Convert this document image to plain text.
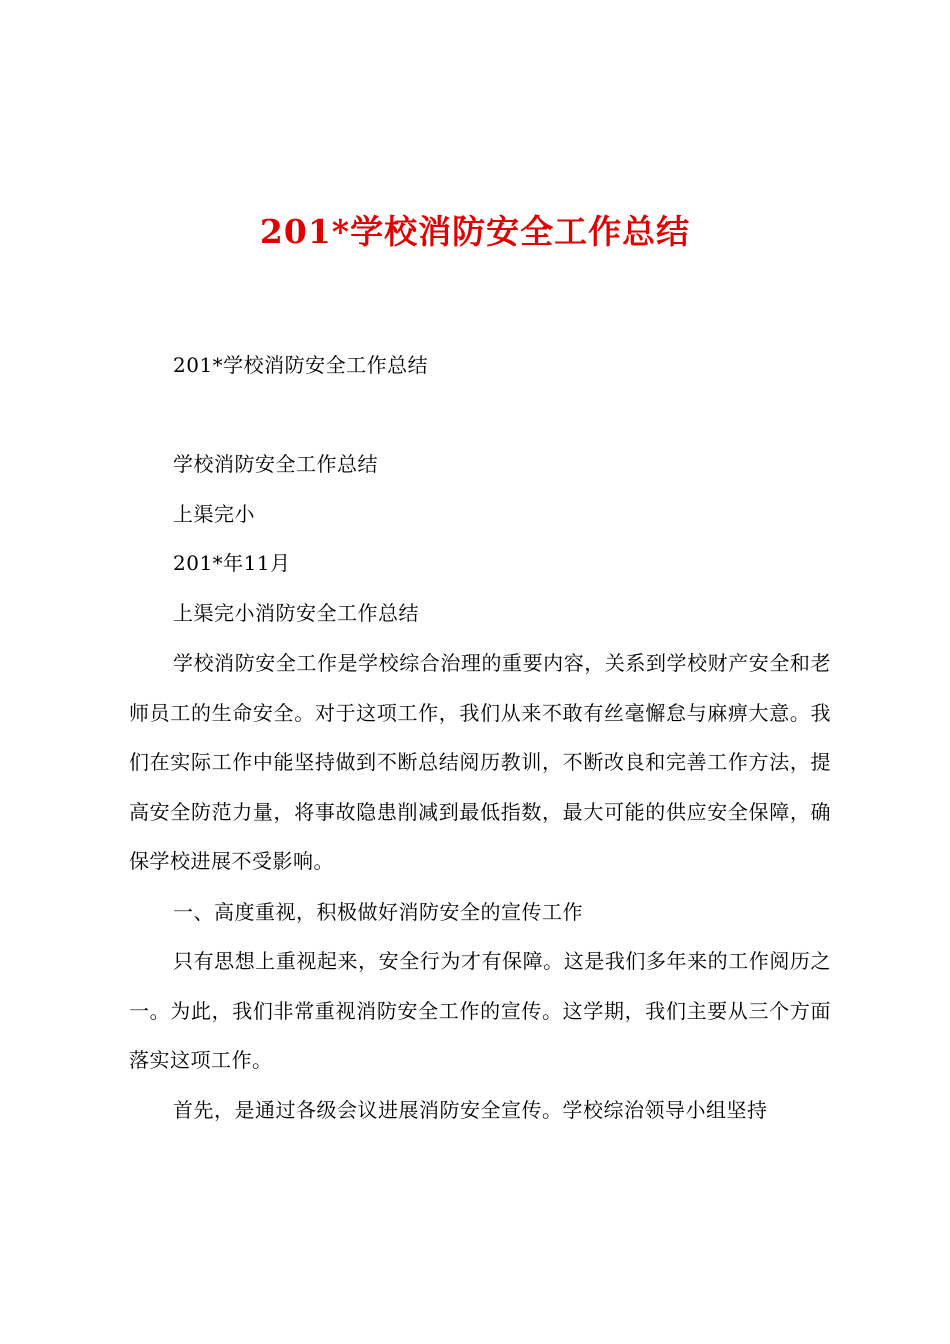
201*学校消防安全工作总结
201*学校消防安全工作总结
学校消防安全工作总结
上渠完小
201*年11月
上渠完小消防安全工作总结
学校消防安全工作是学校综合治理的重要内容，关系到学校财产安全和老师员工的生命安全。对于这项工作，我们从来不敢有丝毫懈怠与麻痹大意。我们在实际工作中能坚持做到不断总结阅历教训，不断改良和完善工作方法，提高安全防范力量，将事故隐患削减到最低指数，最大可能的供应安全保障，确保学校进展不受影响。
一、高度重视，积极做好消防安全的宣传工作
只有思想上重视起来，安全行为才有保障。这是我们多年来的工作阅历之一。为此，我们非常重视消防安全工作的宣传。这学期，我们主要从三个方面落实这项工作。
首先，是通过各级会议进展消防安全宣传。学校综治领导小组坚持
